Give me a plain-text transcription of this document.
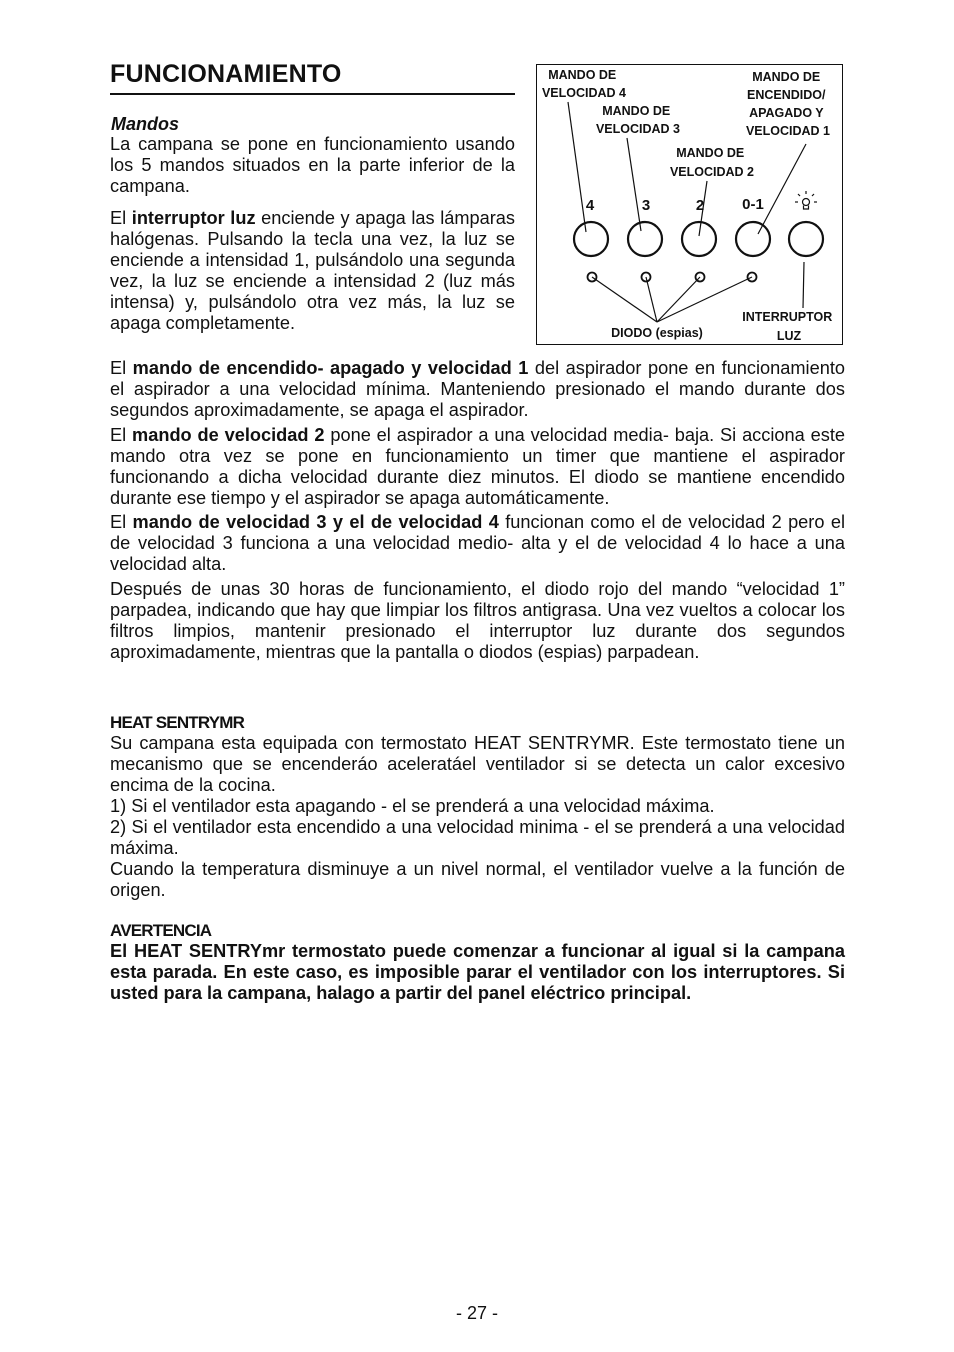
FUNCIONAMIENTO
Mandos

La campana se pone en funcionamiento usando los 5 mandos situados en la parte inferior de la campana.

El interruptor luz enciende y apaga las lámparas halógenas. Pulsando la tecla una vez, la luz se enciende a intensidad 1, pulsándolo una segunda vez, la luz se enciende a intensidad 2 (luz más intensa) y, pulsándolo otra vez más, la luz se apaga completamente.

El mando de encendido- apagado y velocidad 1 del aspirador pone en funcionamiento el aspirador a una velocidad mínima. Manteniendo presionado el mando durante dos segundos aproximadamente, se apaga el aspirador.

El mando de velocidad 2 pone el aspirador a una velocidad media- baja. Si acciona este mando otra vez se pone en funcionamiento un timer que mantiene el aspirador funcionando a dicha velocidad durante diez minutos. El diodo se mantiene encendido durante ese tiempo y el aspirador se apaga automáticamente.

El mando de velocidad 3 y el de velocidad 4 funcionan como el de velocidad 2 pero el de velocidad 3 funciona a una velocidad medio- alta y el de velocidad 4 lo hace a una velocidad alta.

Después de unas 30 horas de funcionamiento, el diodo rojo del mando “velocidad 1” parpadea, indicando que hay que limpiar los filtros antigrasa. Una vez vueltos a colocar los filtros limpios, mantenir presionado el interruptor luz durante dos segundos aproximadamente, mientras que la pantalla o diodos (espias) parpadean.

HEAT SENTRYMR

Su campana esta equipada con termostato HEAT SENTRYMR. Este termostato tiene un mecanismo que se encenderáo aceleratáel ventilador si se detecta un calor excesivo encima de la cocina.

1) Si el ventilador esta apagando - el se prenderá a una velocidad máxima.

2) Si el ventilador esta encendido a una velocidad minima - el se prenderá a una velocidad máxima.

Cuando la temperatura disminuye a un nivel normal, el ventilador vuelve a la función de origen.

AVERTENCIA

El HEAT SENTRYmr termostato puede comenzar a funcionar al igual si la campana esta parada. En este caso, es imposible parar el ventilador con los interruptores. Si usted para la campana, halago a partir del panel eléctrico principal.

- 27 -
MANDO DE VELOCIDAD 4
MANDO DE VELOCIDAD 3
MANDO DE VELOCIDAD 2
MANDO DE ENCENDIDO/ APAGADO Y VELOCIDAD 1
INTERRUPTOR LUZ
DIODO (espias)
4	3	2	0-1
